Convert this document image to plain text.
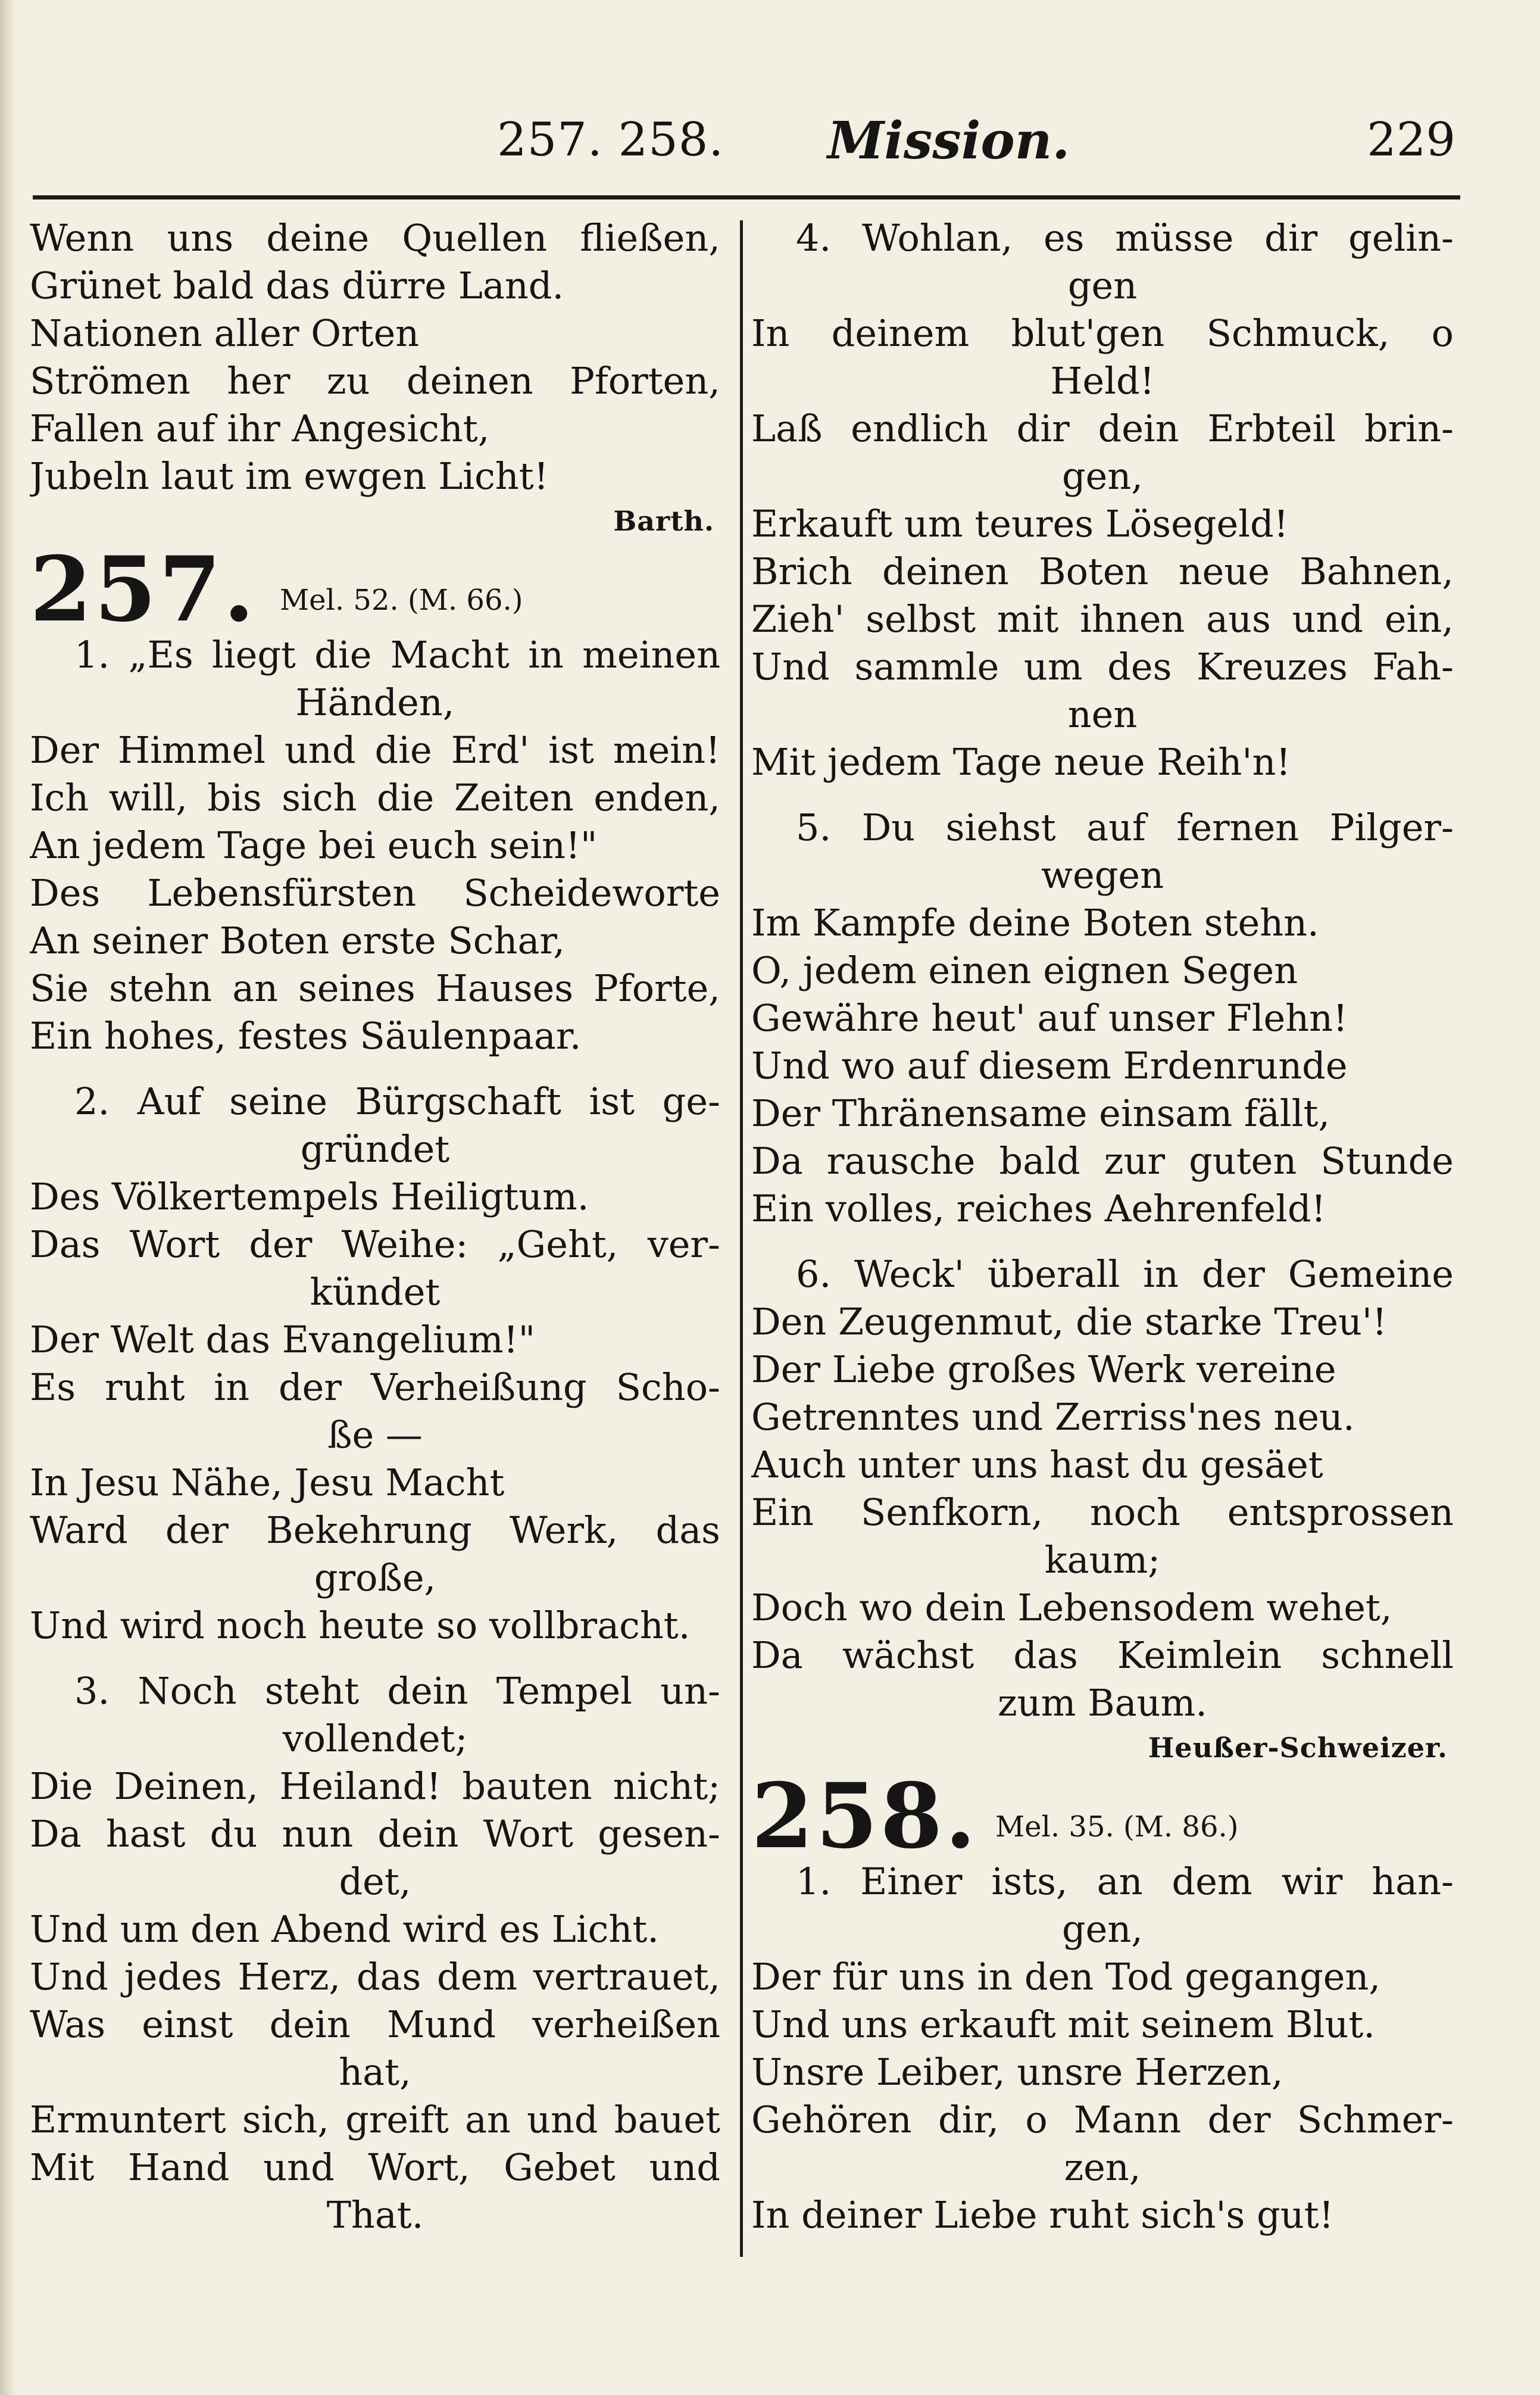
257. 258. Mission.	229
Wenn uns deine Quellen fließen,
Grünet bald das dürre Land.
Nationen aller Orten
Strömen her zu deinen Pforten,
Fallen auf ihr Angesicht,
Jubeln laut im ewgen Licht!
Barth.
257. Mel. 52. (M. 66.)
1. „Es liegt die Macht in meinen
Händen,
Der Himmel und die Erd' ist mein!
Ich will, bis sich die Zeiten enden,
An jedem Tage bei euch sein!"
Des Lebensfürsten Scheideworte
An seiner Boten erste Schar,
Sie stehn an seines Hauses Pforte,
Ein hohes, festes Säulenpaar.
2. Auf seine Bürgschaft ist ge-
gründet
Des Völkertempels Heiligtum.
Das Wort der Weihe: „Geht, ver-
kündet
Der Welt das Evangelium!"
Es ruht in der Verheißung Scho-
ße —
In Jesu Nähe, Jesu Macht
Ward der Bekehrung Werk, das
große,
Und wird noch heute so vollbracht.
3. Noch steht dein Tempel un-
vollendet;
Die Deinen, Heiland! bauten nicht;
Da hast du nun dein Wort gesen-
det,
Und um den Abend wird es Licht.
Und jedes Herz, das dem vertrauet,
Was einst dein Mund verheißen
hat,
Ermuntert sich, greift an und bauet
Mit Hand und Wort, Gebet und
That.
4. Wohlan, es müsse dir gelin-
gen
In deinem blut'gen Schmuck, o
Held!
Laß endlich dir dein Erbteil brin-
gen,
Erkauft um teures Lösegeld!
Brich deinen Boten neue Bahnen,
Zieh' selbst mit ihnen aus und ein,
Und sammle um des Kreuzes Fah-
nen
Mit jedem Tage neue Reih'n!
5. Du siehst auf fernen Pilger-
wegen
Im Kampfe deine Boten stehn.
O, jedem einen eignen Segen
Gewähre heut' auf unser Flehn!
Und wo auf diesem Erdenrunde
Der Thränensame einsam fällt,
Da rausche bald zur guten Stunde
Ein volles, reiches Aehrenfeld!
6. Weck' überall in der Gemeine
Den Zeugenmut, die starke Treu'!
Der Liebe großes Werk vereine
Getrenntes und Zerriss'nes neu.
Auch unter uns hast du gesäet
Ein Senfkorn, noch entsprossen
kaum;
Doch wo dein Lebensodem wehet,
Da wächst das Keimlein schnell
zum Baum.
Heußer-Schweizer.
258. Mel. 35. (M. 86.)
1. Einer ists, an dem wir han-
gen,
Der für uns in den Tod gegangen,
Und uns erkauft mit seinem Blut.
Unsre Leiber, unsre Herzen,
Gehören dir, o Mann der Schmer-
zen,
In deiner Liebe ruht sich's gut!
